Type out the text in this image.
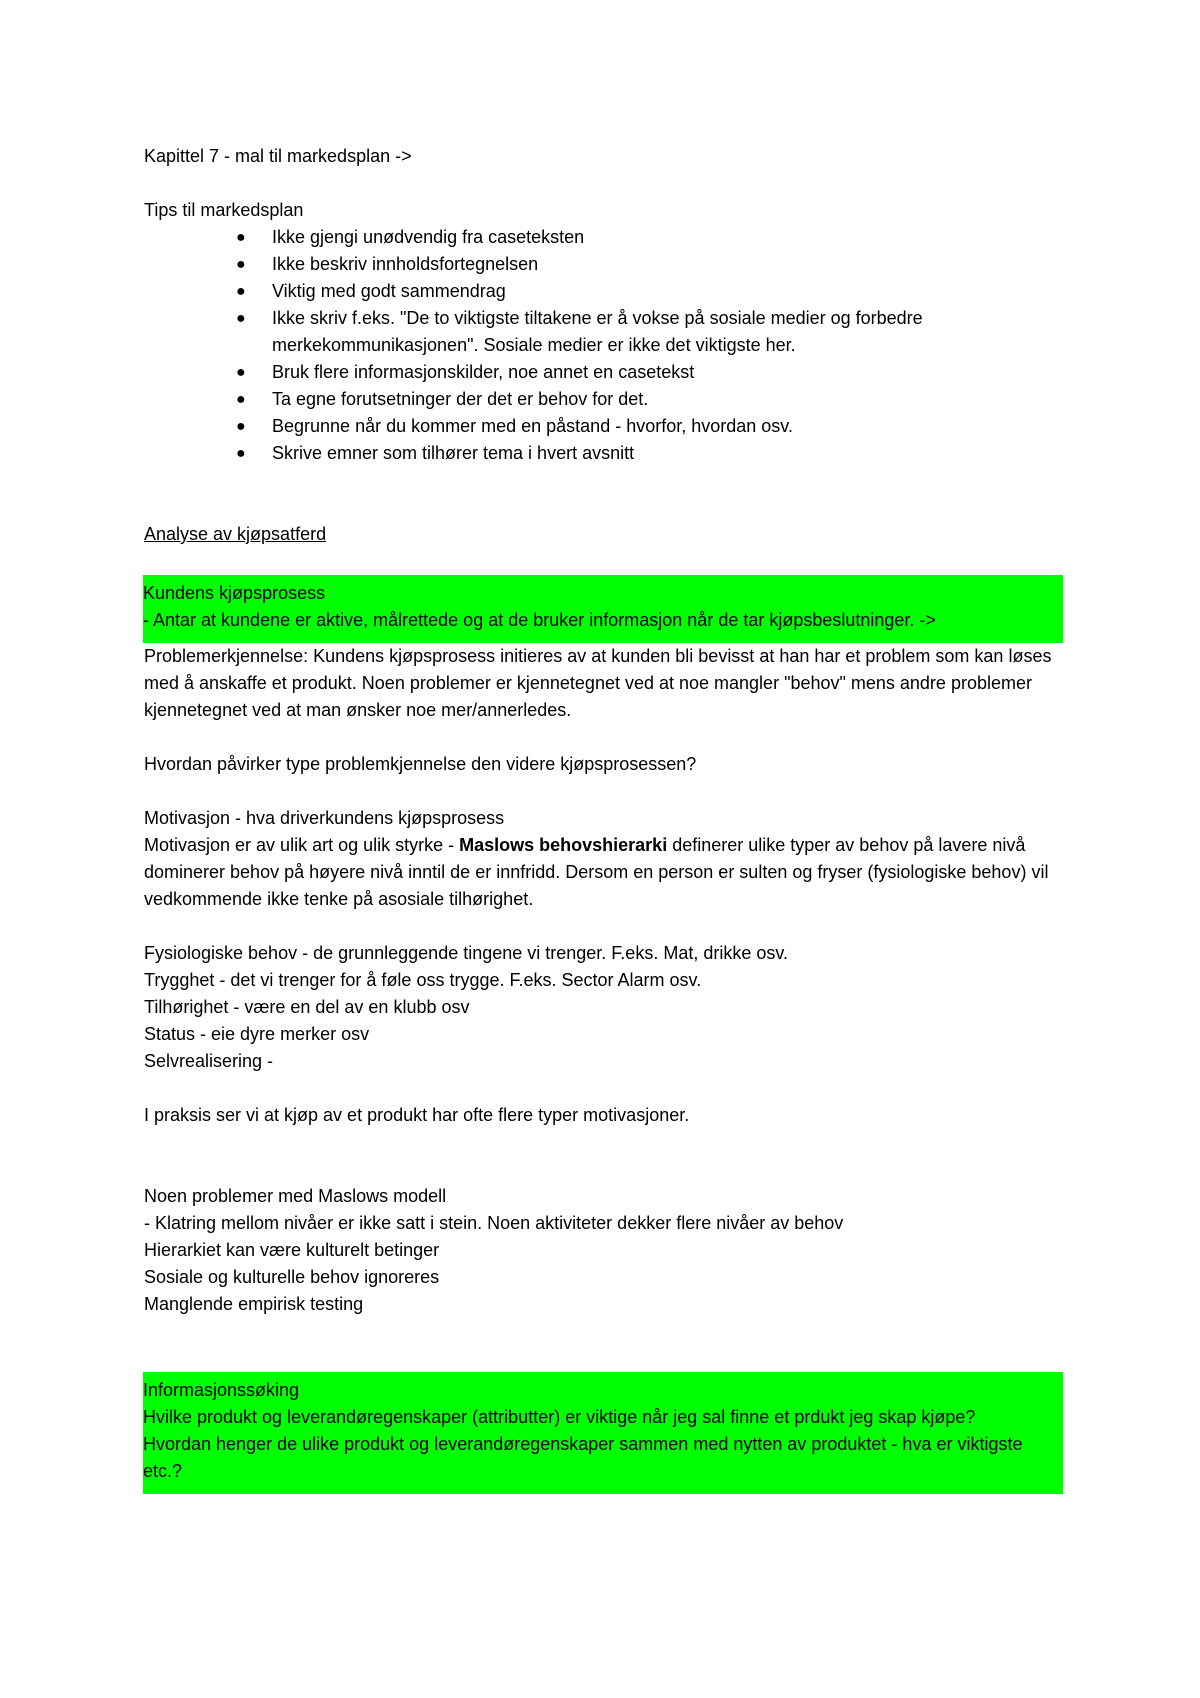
Kapittel 7 - mal til markedsplan ->
Tips til markedsplan
● Ikke gjengi unødvendig fra caseteksten
● Ikke beskriv innholdsfortegnelsen
● Viktig med godt sammendrag
● Ikke skriv f.eks. "De to viktigste tiltakene er å vokse på sosiale medier og forbedre merkekommunikasjonen". Sosiale medier er ikke det viktigste her.
● Bruk flere informasjonskilder, noe annet en casetekst
● Ta egne forutsetninger der det er behov for det.
● Begrunne når du kommer med en påstand - hvorfor, hvordan osv.
● Skrive emner som tilhører tema i hvert avsnitt
Analyse av kjøpsatferd
Kundens kjøpsprosess
- Antar at kundene er aktive, målrettede og at de bruker informasjon når de tar kjøpsbeslutninger. ->
Problemerkjennelse: Kundens kjøpsprosess initieres av at kunden bli bevisst at han har et problem som kan løses med å anskaffe et produkt. Noen problemer er kjennetegnet ved at noe mangler "behov" mens andre problemer kjennetegnet ved at man ønsker noe mer/annerledes.
Hvordan påvirker type problemkjennelse den videre kjøpsprosessen?
Motivasjon - hva driverkundens kjøpsprosess
Motivasjon er av ulik art og ulik styrke - Maslows behovshierarki definerer ulike typer av behov på lavere nivå dominerer behov på høyere nivå inntil de er innfridd. Dersom en person er sulten og fryser (fysiologiske behov) vil vedkommende ikke tenke på asosiale tilhørighet.
Fysiologiske behov - de grunnleggende tingene vi trenger. F.eks. Mat, drikke osv.
Trygghet - det vi trenger for å føle oss trygge. F.eks. Sector Alarm osv.
Tilhørighet - være en del av en klubb osv
Status - eie dyre merker osv
Selvrealisering -
I praksis ser vi at kjøp av et produkt har ofte flere typer motivasjoner.
Noen problemer med Maslows modell
- Klatring mellom nivåer er ikke satt i stein. Noen aktiviteter dekker flere nivåer av behov
Hierarkiet kan være kulturelt betinger
Sosiale og kulturelle behov ignoreres
Manglende empirisk testing
Informasjonssøking
Hvilke produkt og leverandøregenskaper (attributter) er viktige når jeg sal finne et prdukt jeg skap kjøpe?
Hvordan henger de ulike produkt og leverandøregenskaper sammen med nytten av produktet - hva er viktigste etc.?
